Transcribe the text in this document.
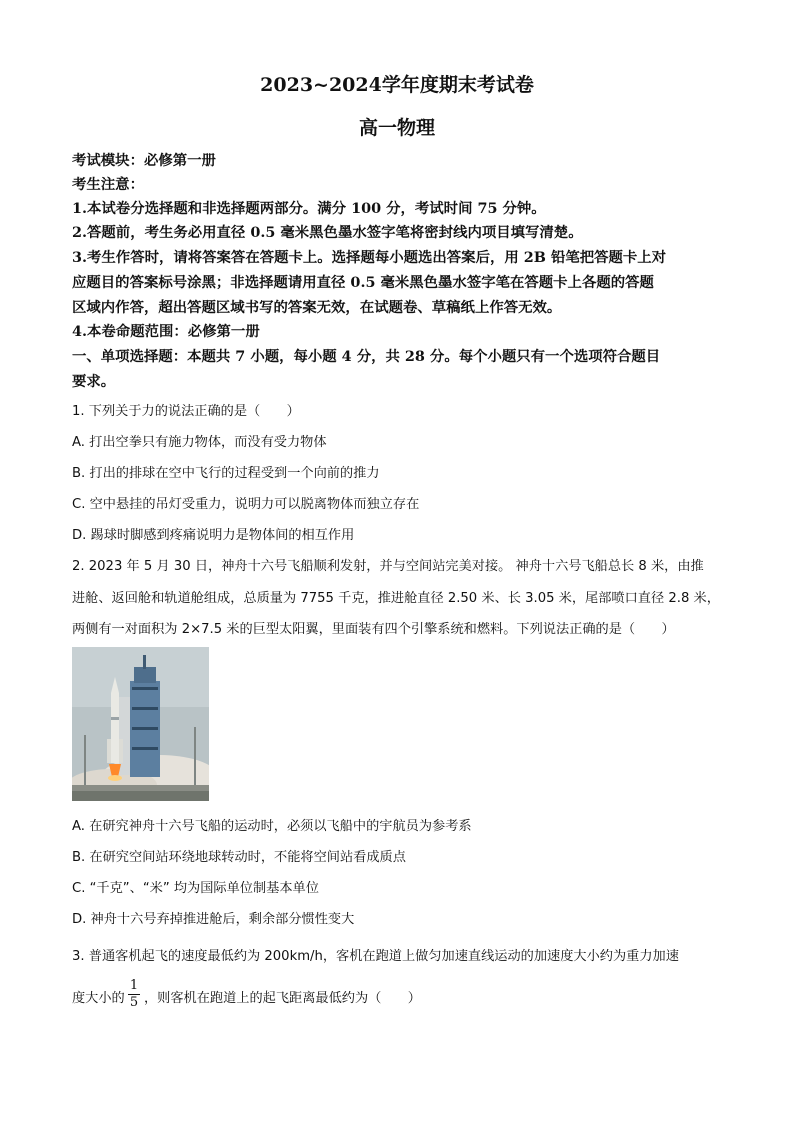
2023~2024学年度期末考试卷
高一物理
考试模块：必修第一册
考生注意：
1.本试卷分选择题和非选择题两部分。满分 100 分，考试时间 75 分钟。
2.答题前，考生务必用直径 0.5 毫米黑色墨水签字笔将密封线内项目填写清楚。
3.考生作答时，请将答案答在答题卡上。选择题每小题选出答案后，用 2B 铅笔把答题卡上对
应题目的答案标号涂黑；非选择题请用直径 0.5 毫米黑色墨水签字笔在答题卡上各题的答题
区域内作答，超出答题区域书写的答案无效，在试题卷、草稿纸上作答无效。
4.本卷命题范围：必修第一册
一、单项选择题：本题共 7 小题，每小题 4 分，共 28 分。每个小题只有一个选项符合题目
要求。
1. 下列关于力的说法正确的是（　　）
A. 打出空拳只有施力物体，而没有受力物体
B. 打出的排球在空中飞行的过程受到一个向前的推力
C. 空中悬挂的吊灯受重力，说明力可以脱离物体而独立存在
D. 踢球时脚感到疼痛说明力是物体间的相互作用
2. 2023 年 5 月 30 日，神舟十六号飞船顺利发射，并与空间站完美对接。 神舟十六号飞船总长 8 米，由推
进舱、返回舱和轨道舱组成，总质量为 7755 千克，推进舱直径 2.50 米、长 3.05 米，尾部喷口直径 2.8 米，
两侧有一对面积为 2×7.5 米的巨型太阳翼，里面装有四个引擎系统和燃料。下列说法正确的是（　　）
A. 在研究神舟十六号飞船的运动时，必须以飞船中的宇航员为参考系
B. 在研究空间站环绕地球转动时，不能将空间站看成质点
C. “千克”、“米” 均为国际单位制基本单位
D. 神舟十六号弃掉推进舱后，剩余部分惯性变大
3. 普通客机起飞的速度最低约为 200km/h，客机在跑道上做匀加速直线运动的加速度大小约为重力加速
度大小的
1
5 ，则客机在跑道上的起飞距离最低约为（　　）
